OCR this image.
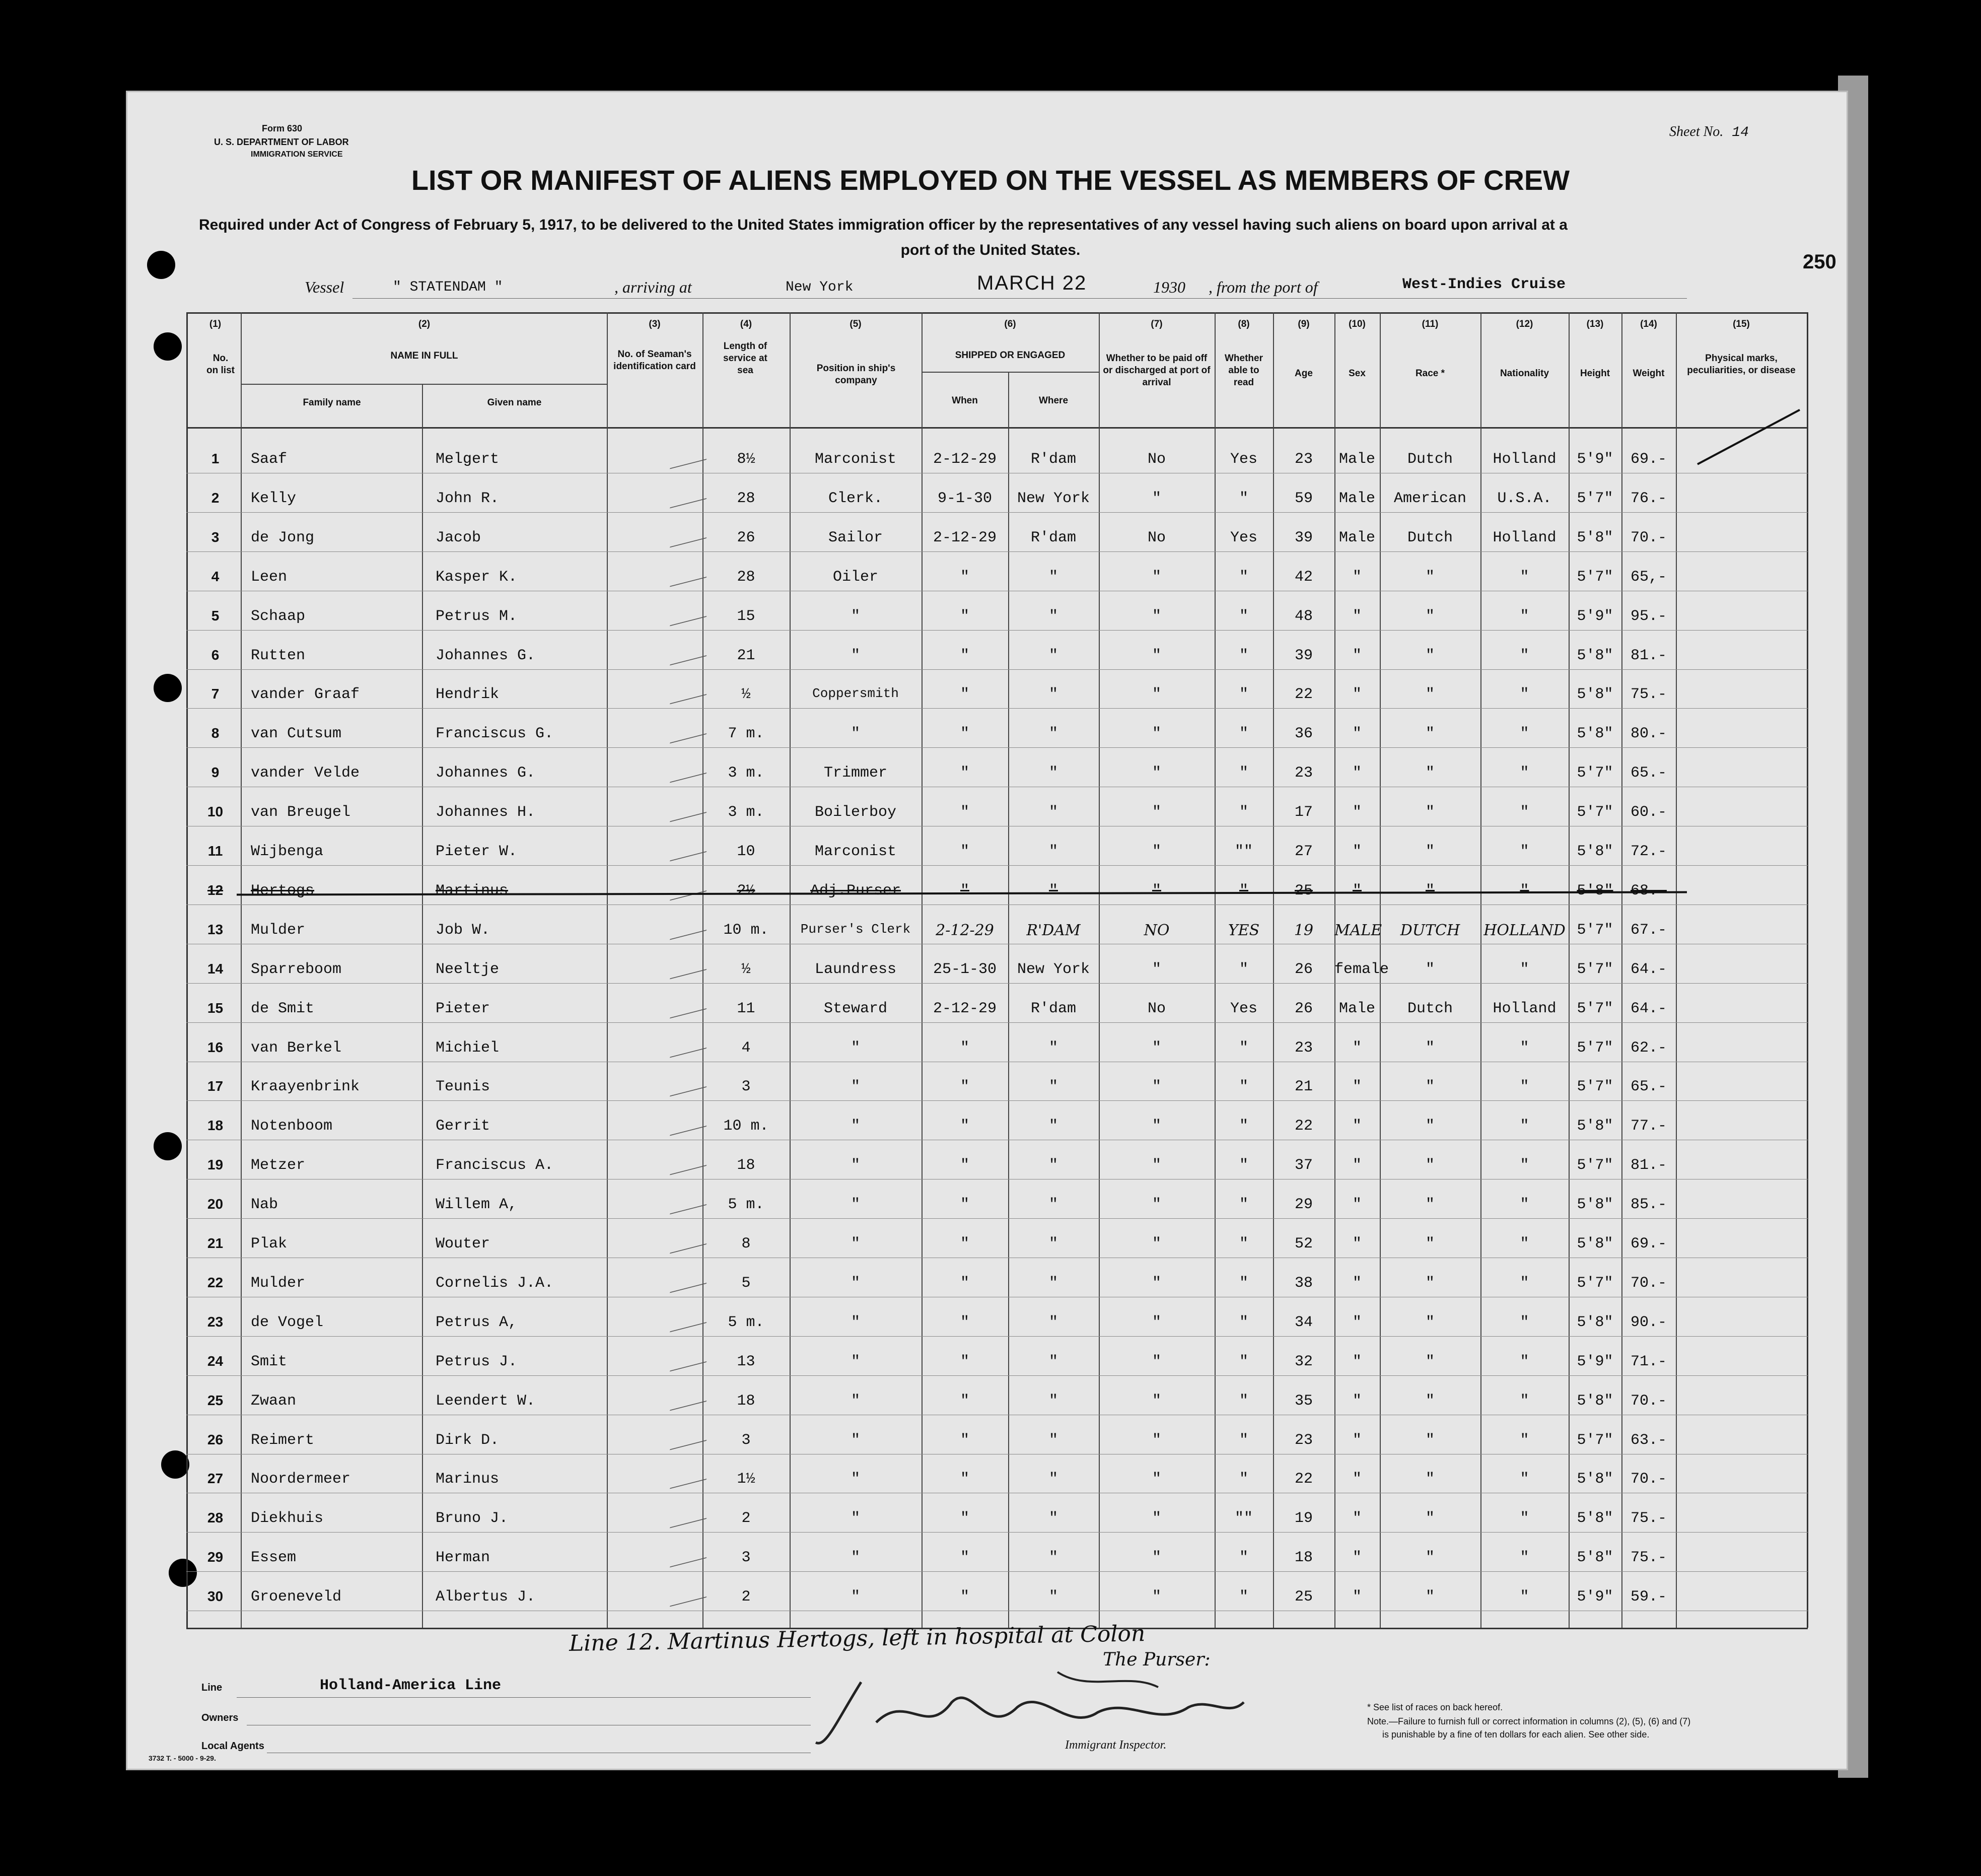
Form 630
U. S. DEPARTMENT OF LABOR
IMMIGRATION SERVICE
Sheet No. 14
250
LIST OR MANIFEST OF ALIENS EMPLOYED ON THE VESSEL AS MEMBERS OF CREW
Required under Act of Congress of February 5, 1917, to be delivered to the United States immigration officer by the representatives of any vessel having such aliens on board upon arrival at a
port of the United States.
Vessel	" STATENDAM "	, arriving at	New York	MARCH 22	1930 , from the port of	West-Indies Cruise
(1)
No. on list
(2)
NAME IN FULL
Family name	Given name
(3)
No. of Seaman's identification card
(4)
Length of service at sea
(5)
Position in ship's company
(6)
SHIPPED OR ENGAGED
When	Where
(7)
Whether to be paid off or discharged at port of arrival
(8)
Whether able to read
(9)
Age
(10)
Sex
(11)
Race *
(12)
Nationality
(13)
Height
(14)
Weight
(15)
Physical marks, peculiarities, or disease
1	Saaf	Melgert	8½	Marconist	2-12-29	R'dam	No	Yes	23	Male	Dutch	Holland	5'9"	69.-
2	Kelly	John R.	28	Clerk.	9-1-30	New York	"	"	59	Male	American	U.S.A.	5'7"	76.-
3	de Jong	Jacob	26	Sailor	2-12-29	R'dam	No	Yes	39	Male	Dutch	Holland	5'8"	70.-
4	Leen	Kasper K.	28	Oiler	"	"	"	"	42	"	"	"	5'7"	65,-
5	Schaap	Petrus M.	15	"	"	"	"	"	48	"	"	"	5'9"	95.-
6	Rutten	Johannes G.	21	"	"	"	"	"	39	"	"	"	5'8"	81.-
7	vander Graaf	Hendrik	½	Coppersmith	"	"	"	"	22	"	"	"	5'8"	75.-
8	van Cutsum	Franciscus G.	7 m.	"	"	"	"	"	36	"	"	"	5'8"	80.-
9	vander Velde	Johannes G.	3 m.	Trimmer	"	"	"	"	23	"	"	"	5'7"	65.-
10	van Breugel	Johannes H.	3 m.	Boilerboy	"	"	"	"	17	"	"	"	5'7"	60.-
11	Wijbenga	Pieter W.	10	Marconist	"	"	"	""	27	"	"	"	5'8"	72.-
12	Hertogs	Martinus	2½	Adj.Purser	"	"	"	"	25	"	"	"	5'8"	68.-
13	Mulder	Job W.	10 m.	Purser's Clerk	2-12-29	R'DAM	NO	YES	19	MALE	DUTCH	HOLLAND 5'7"	67.-
14	Sparreboom	Neeltje	½	Laundress	25-1-30	New York	"	"	26	female	"	"	5'7"	64.-
15	de Smit	Pieter	11	Steward	2-12-29	R'dam	No	Yes	26	Male	Dutch	Holland	5'7"	64.-
16	van Berkel	Michiel	4	"	"	"	"	"	23	"	"	"	5'7"	62.-
17	Kraayenbrink	Teunis	3	"	"	"	"	"	21	"	"	"	5'7"	65.-
18	Notenboom	Gerrit	10 m.	"	"	"	"	"	22	"	"	"	5'8"	77.-
19	Metzer	Franciscus A.	18	"	"	"	"	"	37	"	"	"	5'7"	81.-
20	Nab	Willem A,	5 m.	"	"	"	"	"	29	"	"	"	5'8"	85.-
21	Plak	Wouter	8	"	"	"	"	"	52	"	"	"	5'8"	69.-
22	Mulder	Cornelis J.A.	5	"	"	"	"	"	38	"	"	"	5'7"	70.-
23	de Vogel	Petrus A,	5 m.	"	"	"	"	"	34	"	"	"	5'8"	90.-
24	Smit	Petrus J.	13	"	"	"	"	"	32	"	"	"	5'9"	71.-
25	Zwaan	Leendert W.	18	"	"	"	"	"	35	"	"	"	5'8"	70.-
26	Reimert	Dirk D.	3	"	"	"	"	"	23	"	"	"	5'7"	63.-
27	Noordermeer	Marinus	1½	"	"	"	"	"	22	"	"	"	5'8"	70.-
28	Diekhuis	Bruno J.	2	"	"	"	"	""	19	"	"	"	5'8"	75.-
29	Essem	Herman	3	"	"	"	"	"	18	"	"	"	5'8"	75.-
30	Groeneveld	Albertus J.	2	"	"	"	"	"	25	"	"	"	5'9"	59.-
Line 12. Martinus Hertogs, left in hospital at Colon
The Purser:
Line	Holland-America Line
Owners
Local Agents	Immigrant Inspector.
* See list of races on back hereof.
Note.—Failure to furnish full or correct information in columns (2), (5), (6) and (7)
is punishable by a fine of ten dollars for each alien. See other side.
3732 T. - 5000 - 9-29.
